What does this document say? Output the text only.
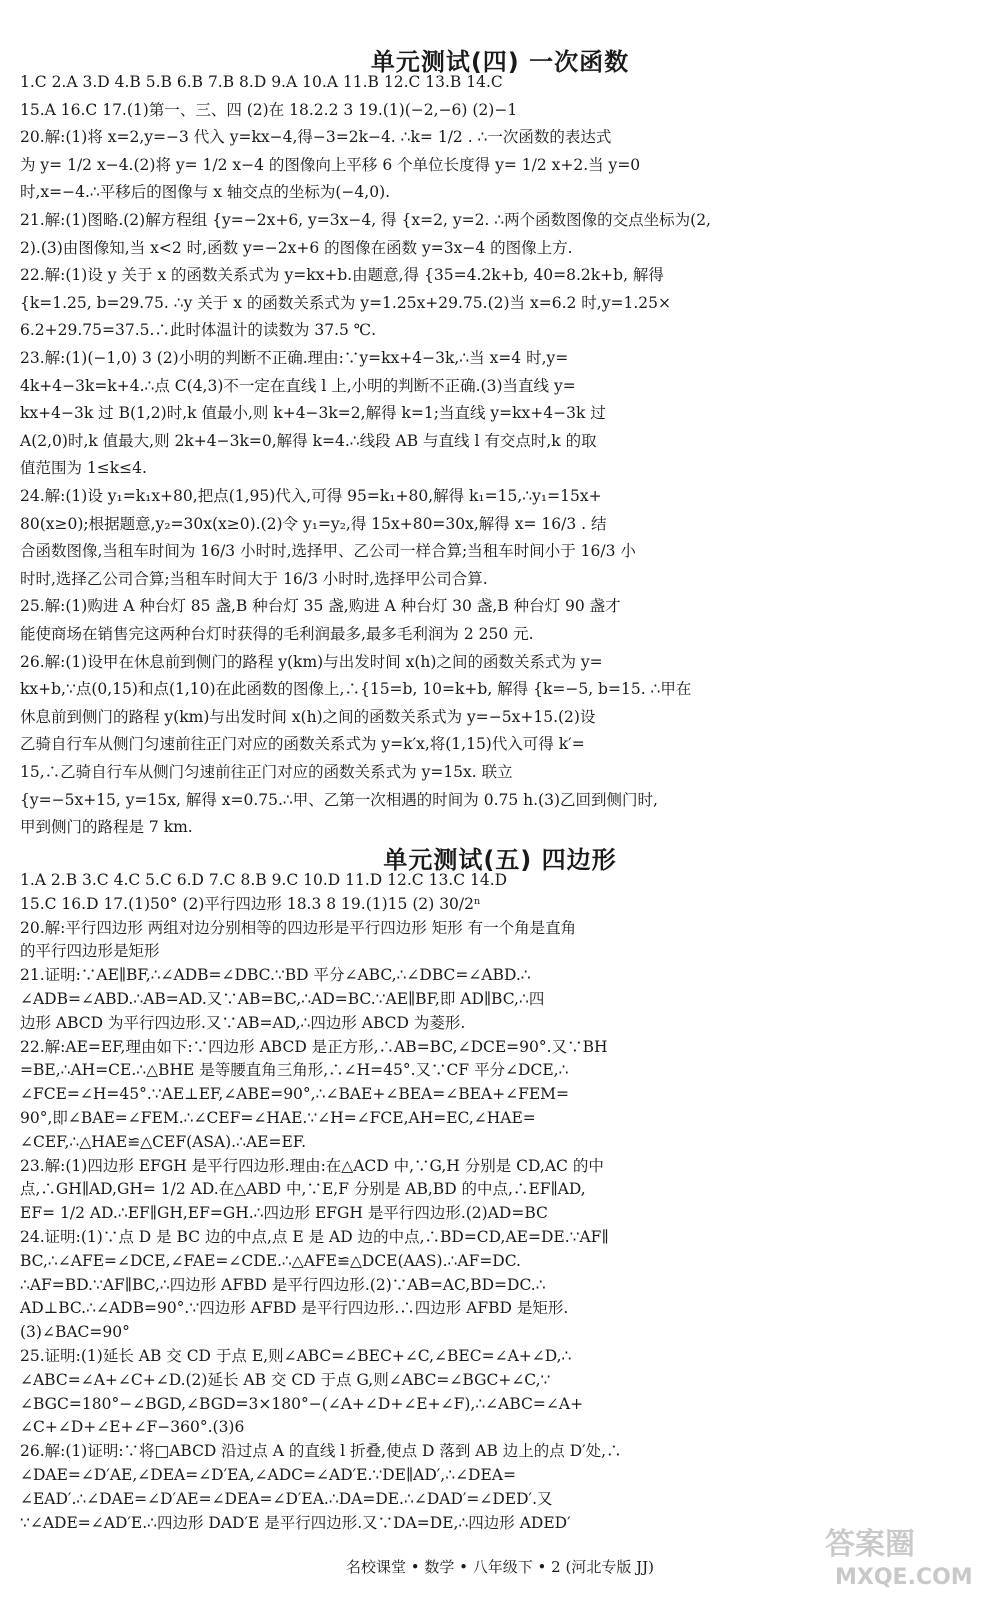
单元测试(四) 一次函数
1.C 2.A 3.D 4.B 5.B 6.B 7.B 8.D 9.A 10.A 11.B 12.C 13.B 14.C
15.A 16.C 17.(1)第一、三、四 (2)在 18.2.2 3 19.(1)(−2,−6) (2)−1
20.解:(1)将 x=2,y=−3 代入 y=kx−4,得−3=2k−4. ∴k= 1/2 . ∴一次函数的表达式
为 y= 1/2 x−4.(2)将 y= 1/2 x−4 的图像向上平移 6 个单位长度得 y= 1/2 x+2.当 y=0
时,x=−4.∴平移后的图像与 x 轴交点的坐标为(−4,0).
21.解:(1)图略.(2)解方程组 {y=−2x+6, y=3x−4, 得 {x=2, y=2. ∴两个函数图像的交点坐标为(2,
2).(3)由图像知,当 x<2 时,函数 y=−2x+6 的图像在函数 y=3x−4 的图像上方.
22.解:(1)设 y 关于 x 的函数关系式为 y=kx+b.由题意,得 {35=4.2k+b, 40=8.2k+b, 解得
{k=1.25, b=29.75. ∴y 关于 x 的函数关系式为 y=1.25x+29.75.(2)当 x=6.2 时,y=1.25×
6.2+29.75=37.5.∴此时体温计的读数为 37.5 ℃.
23.解:(1)(−1,0) 3 (2)小明的判断不正确.理由:∵y=kx+4−3k,∴当 x=4 时,y=
4k+4−3k=k+4.∴点 C(4,3)不一定在直线 l 上,小明的判断不正确.(3)当直线 y=
kx+4−3k 过 B(1,2)时,k 值最小,则 k+4−3k=2,解得 k=1;当直线 y=kx+4−3k 过
A(2,0)时,k 值最大,则 2k+4−3k=0,解得 k=4.∴线段 AB 与直线 l 有交点时,k 的取
值范围为 1≤k≤4.
24.解:(1)设 y₁=k₁x+80,把点(1,95)代入,可得 95=k₁+80,解得 k₁=15,∴y₁=15x+
80(x≥0);根据题意,y₂=30x(x≥0).(2)令 y₁=y₂,得 15x+80=30x,解得 x= 16/3 . 结
合函数图像,当租车时间为 16/3 小时时,选择甲、乙公司一样合算;当租车时间小于 16/3 小
时时,选择乙公司合算;当租车时间大于 16/3 小时时,选择甲公司合算.
25.解:(1)购进 A 种台灯 85 盏,B 种台灯 35 盏,购进 A 种台灯 30 盏,B 种台灯 90 盏才
能使商场在销售完这两种台灯时获得的毛利润最多,最多毛利润为 2 250 元.
26.解:(1)设甲在休息前到侧门的路程 y(km)与出发时间 x(h)之间的函数关系式为 y=
kx+b,∵点(0,15)和点(1,10)在此函数的图像上,∴{15=b, 10=k+b, 解得 {k=−5, b=15. ∴甲在
休息前到侧门的路程 y(km)与出发时间 x(h)之间的函数关系式为 y=−5x+15.(2)设
乙骑自行车从侧门匀速前往正门对应的函数关系式为 y=k′x,将(1,15)代入可得 k′=
15,∴乙骑自行车从侧门匀速前往正门对应的函数关系式为 y=15x. 联立
{y=−5x+15, y=15x, 解得 x=0.75.∴甲、乙第一次相遇的时间为 0.75 h.(3)乙回到侧门时,
甲到侧门的路程是 7 km.
单元测试(五) 四边形
1.A 2.B 3.C 4.C 5.C 6.D 7.C 8.B 9.C 10.D 11.D 12.C 13.C 14.D
15.C 16.D 17.(1)50° (2)平行四边形 18.3 8 19.(1)15 (2) 30/2ⁿ
20.解:平行四边形 两组对边分别相等的四边形是平行四边形 矩形 有一个角是直角
的平行四边形是矩形
21.证明:∵AE∥BF,∴∠ADB=∠DBC.∵BD 平分∠ABC,∴∠DBC=∠ABD.∴
∠ADB=∠ABD.∴AB=AD.又∵AB=BC,∴AD=BC.∵AE∥BF,即 AD∥BC,∴四
边形 ABCD 为平行四边形.又∵AB=AD,∴四边形 ABCD 为菱形.
22.解:AE=EF,理由如下:∵四边形 ABCD 是正方形,∴AB=BC,∠DCE=90°.又∵BH
=BE,∴AH=CE.∴△BHE 是等腰直角三角形,∴∠H=45°.又∵CF 平分∠DCE,∴
∠FCE=∠H=45°.∵AE⊥EF,∠ABE=90°,∴∠BAE+∠BEA=∠BEA+∠FEM=
90°,即∠BAE=∠FEM.∴∠CEF=∠HAE.∵∠H=∠FCE,AH=EC,∠HAE=
∠CEF,∴△HAE≌△CEF(ASA).∴AE=EF.
23.解:(1)四边形 EFGH 是平行四边形.理由:在△ACD 中,∵G,H 分别是 CD,AC 的中
点,∴GH∥AD,GH= 1/2 AD.在△ABD 中,∵E,F 分别是 AB,BD 的中点,∴EF∥AD,
EF= 1/2 AD.∴EF∥GH,EF=GH.∴四边形 EFGH 是平行四边形.(2)AD=BC
24.证明:(1)∵点 D 是 BC 边的中点,点 E 是 AD 边的中点,∴BD=CD,AE=DE.∵AF∥
BC,∴∠AFE=∠DCE,∠FAE=∠CDE.∴△AFE≌△DCE(AAS).∴AF=DC.
∴AF=BD.∵AF∥BC,∴四边形 AFBD 是平行四边形.(2)∵AB=AC,BD=DC.∴
AD⊥BC.∴∠ADB=90°.∵四边形 AFBD 是平行四边形.∴四边形 AFBD 是矩形.
(3)∠BAC=90°
25.证明:(1)延长 AB 交 CD 于点 E,则∠ABC=∠BEC+∠C,∠BEC=∠A+∠D,∴
∠ABC=∠A+∠C+∠D.(2)延长 AB 交 CD 于点 G,则∠ABC=∠BGC+∠C,∵
∠BGC=180°−∠BGD,∠BGD=3×180°−(∠A+∠D+∠E+∠F),∴∠ABC=∠A+
∠C+∠D+∠E+∠F−360°.(3)6
26.解:(1)证明:∵将□ABCD 沿过点 A 的直线 l 折叠,使点 D 落到 AB 边上的点 D′处,∴
∠DAE=∠D′AE,∠DEA=∠D′EA,∠ADC=∠AD′E.∵DE∥AD′,∴∠DEA=
∠EAD′.∴∠DAE=∠D′AE=∠DEA=∠D′EA.∴DA=DE.∴∠DAD′=∠DED′.又
∵∠ADE=∠AD′E.∴四边形 DAD′E 是平行四边形.又∵DA=DE,∴四边形 ADED′
名校课堂 • 数学 • 八年级下 • 2 (河北专版 JJ)
答案圈
MXQE.COM
